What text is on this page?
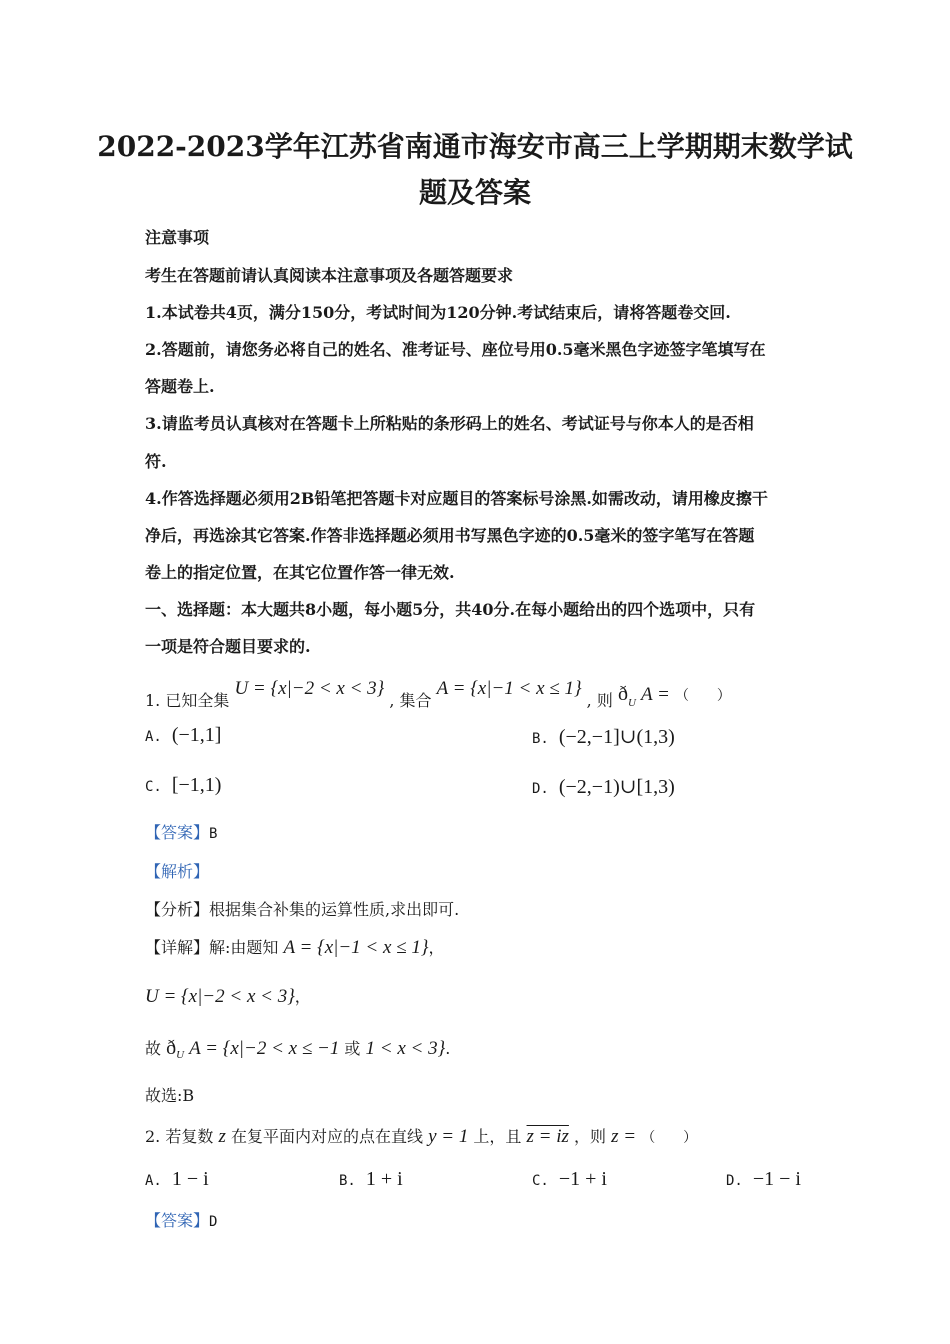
2022-2023学年江苏省南通市海安市高三上学期期末数学试
题及答案
注意事项
考生在答题前请认真阅读本注意事项及各题答题要求
1.本试卷共4页，满分150分，考试时间为120分钟.考试结束后，请将答题卷交回.
2.答题前，请您务必将自己的姓名、准考证号、座位号用0.5毫米黑色字迹签字笔填写在
答题卷上.
3.请监考员认真核对在答题卡上所粘贴的条形码上的姓名、考试证号与你本人的是否相
符.
4.作答选择题必须用2B铅笔把答题卡对应题目的答案标号涂黑.如需改动，请用橡皮擦干
净后，再选涂其它答案.作答非选择题必须用书写黑色字迹的0.5毫米的签字笔写在答题
卷上的指定位置，在其它位置作答一律无效.
一、选择题：本大题共8小题，每小题5分，共40分.在每小题给出的四个选项中，只有
一项是符合题目要求的.
1. 已知全集 U = {x|−2 < x < 3} , 集合 A = {x|−1 < x ≤ 1} , 则 $ð_U$ A = （　　）
A. (−1,1]	B. (−2,−1]∪(1,3)
C. [−1,1)	D. (−2,−1)∪[1,3)
【答案】B
【解析】
【分析】根据集合补集的运算性质,求出即可.
【详解】解:由题知 A = {x|−1 < x ≤ 1}，
U = {x|−2 < x < 3}，
故 $ð_U$ A = {x|−2 < x ≤ −1 或 1 < x < 3}.
故选:B
2. 若复数 z 在复平面内对应的点在直线 y = 1 上，且 z = iz ，则 z = （　　）
A. 1 − i	B. 1 + i	C. −1 + i	D. −1 − i
【答案】D
